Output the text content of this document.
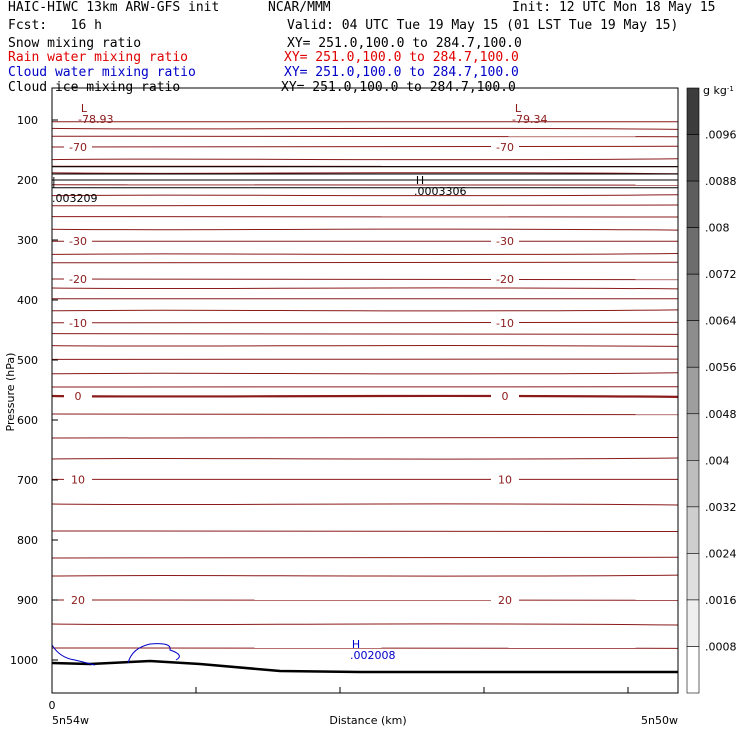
HAIC-HIWC 13km ARW-GFS init	NCAR/MMM	Init: 12 UTC Mon 18 May 15
Fcst:   16 h	Valid: 04 UTC Tue 19 May 15 (01 LST Tue 19 May 15)
Snow mixing ratio	XY= 251.0,100.0 to 284.7,100.0
Rain water mixing ratio	XY= 251.0,100.0 to 284.7,100.0
Cloud water mixing ratio	XY= 251.0,100.0 to 284.7,100.0
Cloud ice mixing ratio	XY= 251.0,100.0 to 284.7,100.0
100
200
300
400
500
600
700
800
900
1000
-70	-70
-30	-30
-20	-20
-10	-10
0	0
10	10
20	20
L
-78.93
L
-79.34
H
.0003306
H
.002008
.0096
.0088
.008
.0072
.0064
.0056
.0048
.004
.0032
.0024
.0016
.0008
g $kg^{-1}$
|
.003209
0
5n54w	5n50w
Distance (km)
Pressure (hPa)
